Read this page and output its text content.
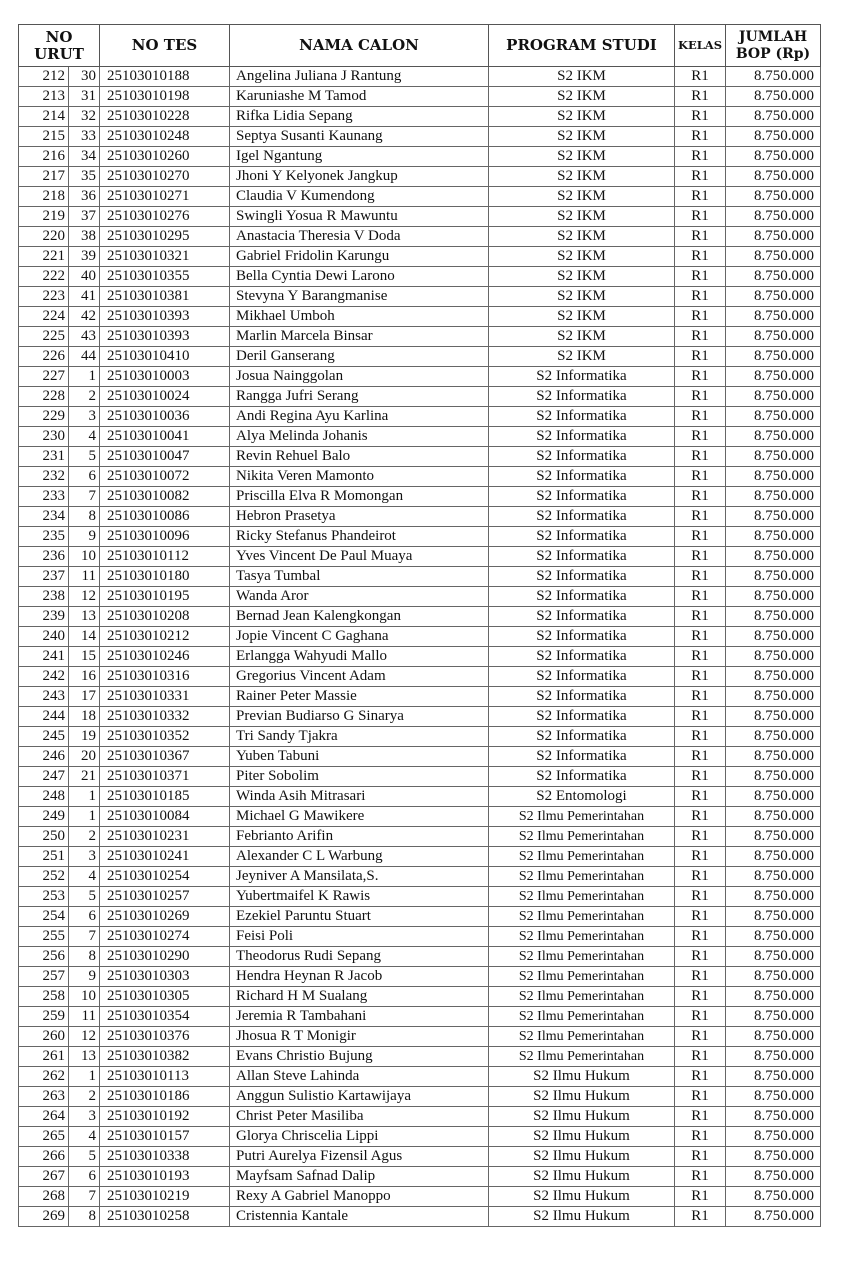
NO URUT		NO TES	NAMA CALON	PROGRAM STUDI	KELAS	JUMLAH
BOP (Rp)

212	30	25103010188	Angelina Juliana J Rantung	S2 IKM	R1	8.750.000
213	31	25103010198	Karuniashe M Tamod	S2 IKM	R1	8.750.000
214	32	25103010228	Rifka Lidia Sepang	S2 IKM	R1	8.750.000
215	33	25103010248	Septya Susanti Kaunang	S2 IKM	R1	8.750.000
216	34	25103010260	Igel Ngantung	S2 IKM	R1	8.750.000
217	35	25103010270	Jhoni Y Kelyonek Jangkup	S2 IKM	R1	8.750.000
218	36	25103010271	Claudia V Kumendong	S2 IKM	R1	8.750.000
219	37	25103010276	Swingli Yosua R Mawuntu	S2 IKM	R1	8.750.000
220	38	25103010295	Anastacia Theresia V Doda	S2 IKM	R1	8.750.000
221	39	25103010321	Gabriel Fridolin Karungu	S2 IKM	R1	8.750.000
222	40	25103010355	Bella Cyntia Dewi Larono	S2 IKM	R1	8.750.000
223	41	25103010381	Stevyna Y Barangmanise	S2 IKM	R1	8.750.000
224	42	25103010393	Mikhael Umboh	S2 IKM	R1	8.750.000
225	43	25103010393	Marlin Marcela Binsar	S2 IKM	R1	8.750.000
226	44	25103010410	Deril Ganserang	S2 IKM	R1	8.750.000
227	1	25103010003	Josua Nainggolan	S2 Informatika	R1	8.750.000
228	2	25103010024	Rangga Jufri Serang	S2 Informatika	R1	8.750.000
229	3	25103010036	Andi Regina Ayu Karlina	S2 Informatika	R1	8.750.000
230	4	25103010041	Alya Melinda Johanis	S2 Informatika	R1	8.750.000
231	5	25103010047	Revin Rehuel Balo	S2 Informatika	R1	8.750.000
232	6	25103010072	Nikita Veren Mamonto	S2 Informatika	R1	8.750.000
233	7	25103010082	Priscilla Elva R Momongan	S2 Informatika	R1	8.750.000
234	8	25103010086	Hebron Prasetya	S2 Informatika	R1	8.750.000
235	9	25103010096	Ricky Stefanus Phandeirot	S2 Informatika	R1	8.750.000
236	10	25103010112	Yves Vincent De Paul Muaya	S2 Informatika	R1	8.750.000
237	11	25103010180	Tasya Tumbal	S2 Informatika	R1	8.750.000
238	12	25103010195	Wanda Aror	S2 Informatika	R1	8.750.000
239	13	25103010208	Bernad Jean Kalengkongan	S2 Informatika	R1	8.750.000
240	14	25103010212	Jopie Vincent C Gaghana	S2 Informatika	R1	8.750.000
241	15	25103010246	Erlangga Wahyudi Mallo	S2 Informatika	R1	8.750.000
242	16	25103010316	Gregorius Vincent Adam	S2 Informatika	R1	8.750.000
243	17	25103010331	Rainer Peter Massie	S2 Informatika	R1	8.750.000
244	18	25103010332	Previan Budiarso G Sinarya	S2 Informatika	R1	8.750.000
245	19	25103010352	Tri Sandy Tjakra	S2 Informatika	R1	8.750.000
246	20	25103010367	Yuben Tabuni	S2 Informatika	R1	8.750.000
247	21	25103010371	Piter Sobolim	S2 Informatika	R1	8.750.000
248	1	25103010185	Winda Asih Mitrasari	S2 Entomologi	R1	8.750.000
249	1	25103010084	Michael G Mawikere	S2 Ilmu Pemerintahan	R1	8.750.000
250	2	25103010231	Febrianto Arifin	S2 Ilmu Pemerintahan	R1	8.750.000
251	3	25103010241	Alexander C L Warbung	S2 Ilmu Pemerintahan	R1	8.750.000
252	4	25103010254	Jeyniver A Mansilata,S.	S2 Ilmu Pemerintahan	R1	8.750.000
253	5	25103010257	Yubertmaifel K Rawis	S2 Ilmu Pemerintahan	R1	8.750.000
254	6	25103010269	Ezekiel Paruntu Stuart	S2 Ilmu Pemerintahan	R1	8.750.000
255	7	25103010274	Feisi Poli	S2 Ilmu Pemerintahan	R1	8.750.000
256	8	25103010290	Theodorus Rudi Sepang	S2 Ilmu Pemerintahan	R1	8.750.000
257	9	25103010303	Hendra Heynan R Jacob	S2 Ilmu Pemerintahan	R1	8.750.000
258	10	25103010305	Richard H M Sualang	S2 Ilmu Pemerintahan	R1	8.750.000
259	11	25103010354	Jeremia R Tambahani	S2 Ilmu Pemerintahan	R1	8.750.000
260	12	25103010376	Jhosua R T Monigir	S2 Ilmu Pemerintahan	R1	8.750.000
261	13	25103010382	Evans Christio Bujung	S2 Ilmu Pemerintahan	R1	8.750.000
262	1	25103010113	Allan Steve Lahinda	S2 Ilmu Hukum	R1	8.750.000
263	2	25103010186	Anggun Sulistio Kartawijaya	S2 Ilmu Hukum	R1	8.750.000
264	3	25103010192	Christ Peter Masiliba	S2 Ilmu Hukum	R1	8.750.000
265	4	25103010157	Glorya Chriscelia Lippi	S2 Ilmu Hukum	R1	8.750.000
266	5	25103010338	Putri Aurelya Fizensil Agus	S2 Ilmu Hukum	R1	8.750.000
267	6	25103010193	Mayfsam Safnad Dalip	S2 Ilmu Hukum	R1	8.750.000
268	7	25103010219	Rexy A Gabriel Manoppo	S2 Ilmu Hukum	R1	8.750.000
269	8	25103010258	Cristennia Kantale	S2 Ilmu Hukum	R1	8.750.000
